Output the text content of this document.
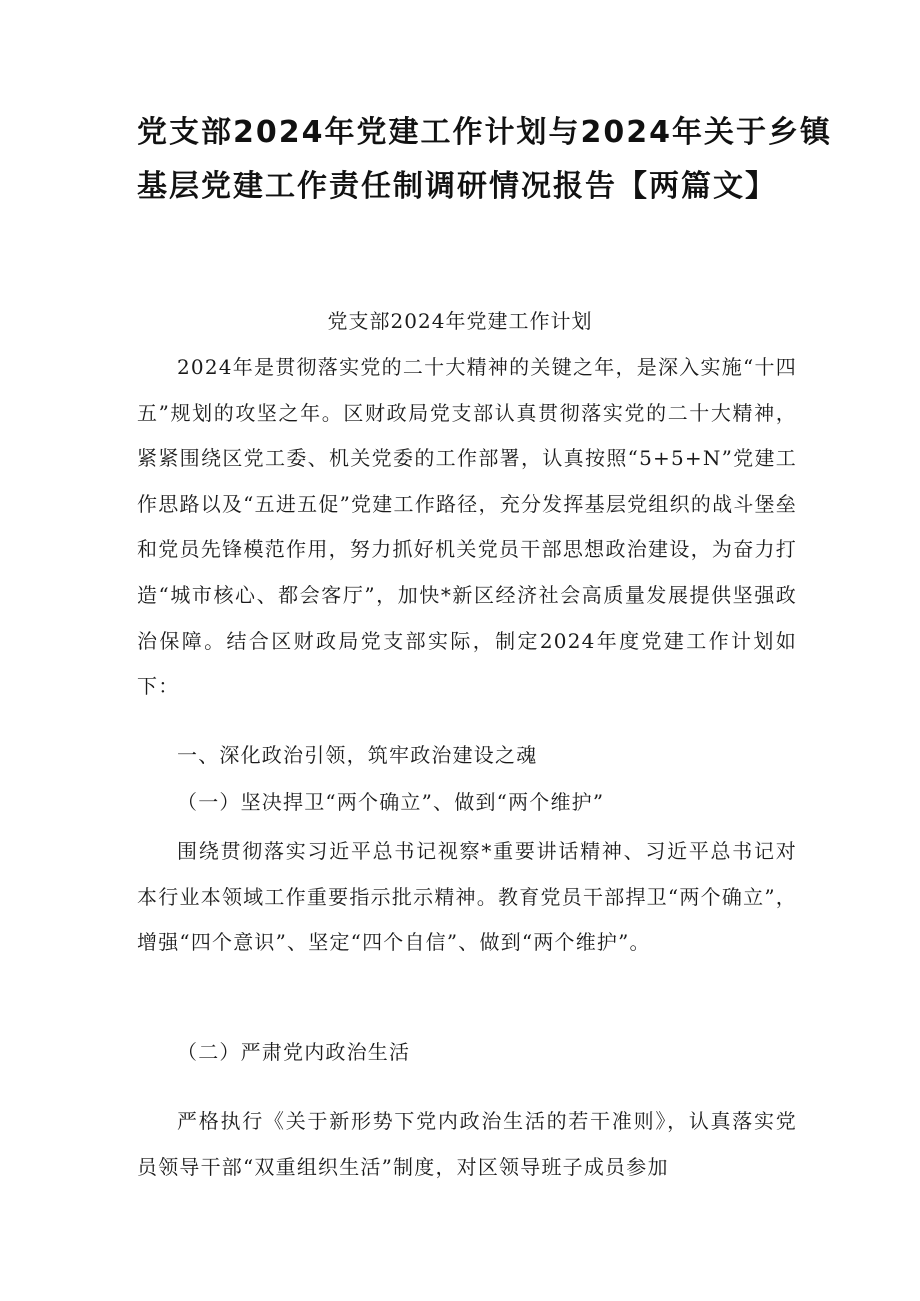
党支部2024年党建工作计划与2024年关于乡镇基层党建工作责任制调研情况报告【两篇文】
党支部2024年党建工作计划

2024年是贯彻落实党的二十大精神的关键之年，是深入实施“十四五”规划的攻坚之年。区财政局党支部认真贯彻落实党的二十大精神，紧紧围绕区党工委、机关党委的工作部署，认真按照“5+5+N”党建工作思路以及“五进五促”党建工作路径，充分发挥基层党组织的战斗堡垒和党员先锋模范作用，努力抓好机关党员干部思想政治建设，为奋力打造“城市核心、都会客厅”，加快*新区经济社会高质量发展提供坚强政治保障。结合区财政局党支部实际，制定2024年度党建工作计划如下：

一、深化政治引领，筑牢政治建设之魂

（一）坚决捍卫“两个确立”、做到“两个维护”

围绕贯彻落实习近平总书记视察*重要讲话精神、习近平总书记对本行业本领域工作重要指示批示精神。教育党员干部捍卫“两个确立”，增强“四个意识”、坚定“四个自信”、做到“两个维护”。

（二）严肃党内政治生活

严格执行《关于新形势下党内政治生活的若干准则》，认真落实党员领导干部“双重组织生活”制度，对区领导班子成员参加
